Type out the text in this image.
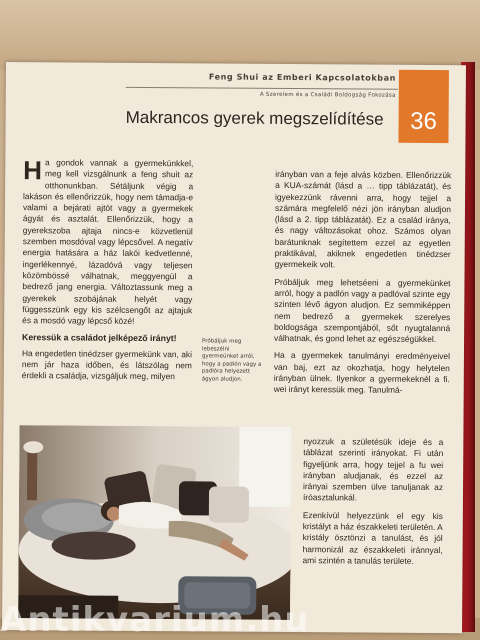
Feng Shui az Emberi Kapcsolatokban
A Szerelem és a Családi Boldogság Fokozása
36
Makrancos gyerek megszelídítése

Ha gondok vannak a gyermekünkkel, meg kell vizsgálnunk a feng shuit az otthonunkban. Sétáljunk végig a lakáson és ellenőrizzük, hogy nem támadja-e valami a bejárati ajtót vagy a gyermekek ágyát és asztalát. Ellenőrizzük, hogy a gyerekszoba ajtaja nincs-e közvetlenül szemben mosdóval vagy lépcsővel. A negatív energia hatására a ház lakói kedvetlenné, ingerlékennyé, lázadóvá vagy teljesen közömbössé válhatnak, meggyengül a bedrező jang energia. Változtassunk meg a gyerekek szobájának helyét vagy függesszünk egy kis szélcsengőt az ajtajuk és a mosdó vagy lépcső közé!

Keressük a családot jelképező irányt!

Ha engedetlen tinédzser gyermekünk van, aki nem jár haza időben, és látszólag nem érdekli a családja, vizsgáljuk meg, milyen

Próbáljuk meg lebeszélni gyermeünket arról, hogy a padlón vagy a padlóra helyezett ágyon aludjon.

irányban van a feje alvás közben. Ellenőrizzük a KUA-számát (lásd a … tipp táblázatát), és igyekezzünk rávenni arra, hogy tejjel a számára megfelelő nézi jön irányban aludjon (lásd a 2. tipp táblázatát). Ez a család iránya, és nagy változásokat ohoz. Számos olyan barátunknak segítettem ezzel az egyetlen praktikával, akiknek engedetlen tinédzser gyermekeik volt.

Próbáljuk meg lehetséeni a gyermekünket arról, hogy a padlón vagy a padlóval szinte egy szinten lévő ágyon aludjon. Ez semmiképpen nem bedrező a gyermekek szerelyes boldogsága szempontjából, sőt nyugtalanná válhatnak, és gond lehet az egészségükkel.

Ha a gyermekek tanulmányi eredményeivel van baj, ezt az okozhatja, hogy helytelen irányban ülnek. Ilyenkor a gyermekeknél a fi. wei irányt keressük meg. Tanulmá-

nyozzuk a születésük ideje és a táblázat szerinti irányokat. Fi után figyeljünk arra, hogy tejjel a fu wei irányban aludjanak, és ezzel az irányai szemben ülve tanuljanak az íróasztalunkál.

Ezenkívül helyezzünk el egy kis kristályt a ház északkeleti területén. A kristály ösztönzi a tanulást, és jól harmonizál az északkeleti iránnyal, ami szintén a tanulás területe.

Antikvarium.hu
